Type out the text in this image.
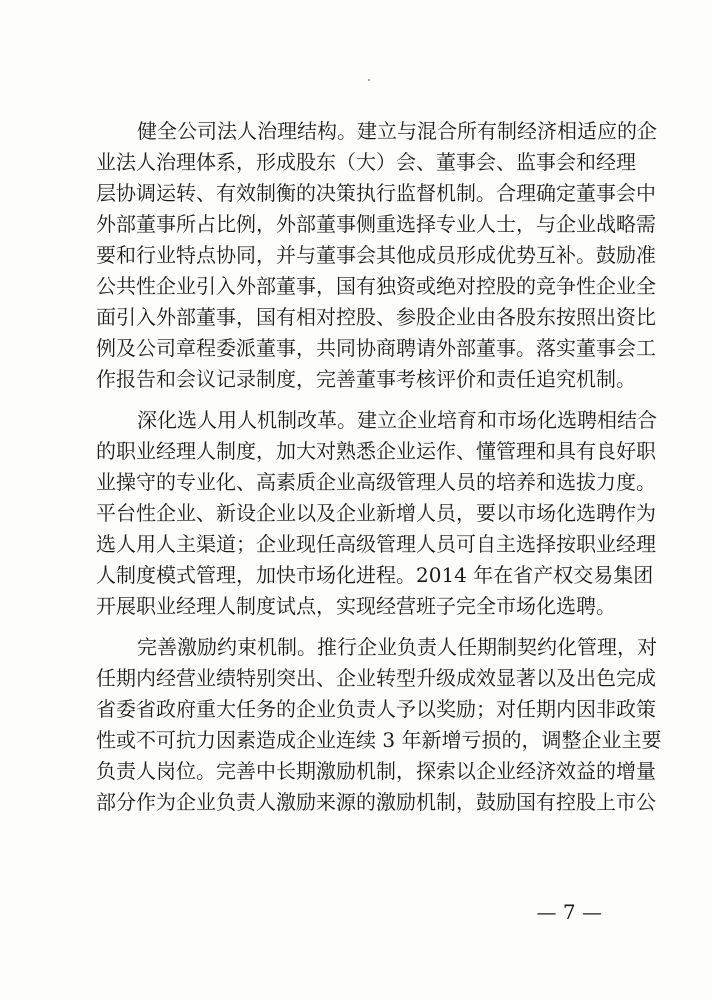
健全公司法人治理结构。建立与混合所有制经济相适应的企
业法人治理体系，形成股东（大）会、董事会、监事会和经理
层协调运转、有效制衡的决策执行监督机制。合理确定董事会中
外部董事所占比例，外部董事侧重选择专业人士，与企业战略需
要和行业特点协同，并与董事会其他成员形成优势互补。鼓励准
公共性企业引入外部董事，国有独资或绝对控股的竞争性企业全
面引入外部董事，国有相对控股、参股企业由各股东按照出资比
例及公司章程委派董事，共同协商聘请外部董事。落实董事会工
作报告和会议记录制度，完善董事考核评价和责任追究机制。
深化选人用人机制改革。建立企业培育和市场化选聘相结合
的职业经理人制度，加大对熟悉企业运作、懂管理和具有良好职
业操守的专业化、高素质企业高级管理人员的培养和选拔力度。
平台性企业、新设企业以及企业新增人员，要以市场化选聘作为
选人用人主渠道；企业现任高级管理人员可自主选择按职业经理
人制度模式管理，加快市场化进程。2014 年在省产权交易集团
开展职业经理人制度试点，实现经营班子完全市场化选聘。
完善激励约束机制。推行企业负责人任期制契约化管理，对
任期内经营业绩特别突出、企业转型升级成效显著以及出色完成
省委省政府重大任务的企业负责人予以奖励；对任期内因非政策
性或不可抗力因素造成企业连续 3 年新增亏损的，调整企业主要
负责人岗位。完善中长期激励机制，探索以企业经济效益的增量
部分作为企业负责人激励来源的激励机制，鼓励国有控股上市公
— 7 —
